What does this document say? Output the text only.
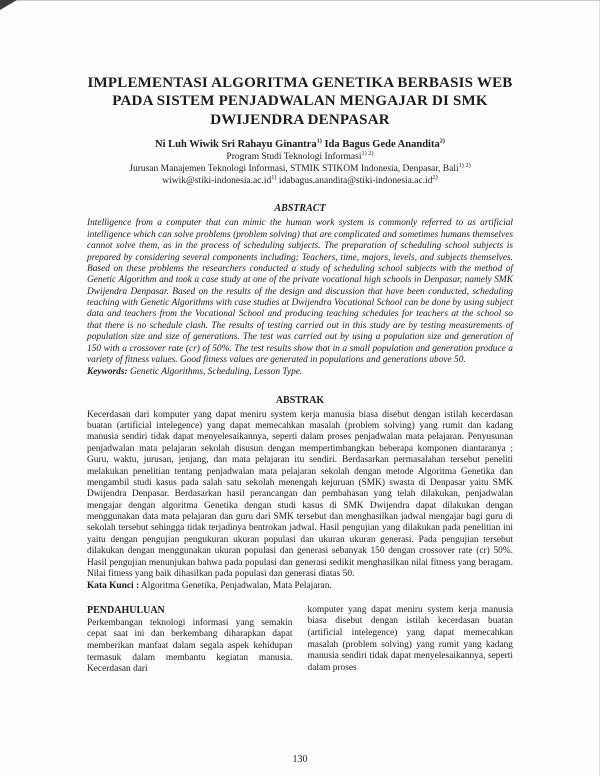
IMPLEMENTASI ALGORITMA GENETIKA BERBASIS WEB PADA SISTEM PENJADWALAN MENGAJAR DI SMK DWIJENDRA DENPASAR
Ni Luh Wiwik Sri Rahayu Ginantra$^{1)}$ Ida Bagus Gede Anandita$^{2)}$
Program Studi Teknologi Informasi$^{1) 2)}$
Jurusan Manajemen Teknologi Informasi, STMIK STIKOM Indonesia, Denpasar, Bali$^{1) 2)}$
$wiwik@stiki-indonesia.ac.id^{1)}$ $idabagus.anandita@stiki-indonesia.ac.id^{2)}$
ABSTRACT

Intelligence from a computer that can mimic the human work system is commonly referred to as artificial intelligence which can solve problems (problem solving) that are complicated and sometimes humans themselves cannot solve them, as in the process of scheduling subjects. The preparation of scheduling school subjects is prepared by considering several components including; Teachers, time, majors, levels, and subjects themselves. Based on these problems the researchers conducted a study of scheduling school subjects with the method of Genetic Algorithm and took a case study at one of the private vocational high schools in Denpasar, namely SMK Dwijendra Denpasar. Based on the results of the design and discussion that have been conducted, scheduling teaching with Genetic Algorithms with case studies at Dwijendra Vocational School can be done by using subject data and teachers from the Vocational School and producing teaching schedules for teachers at the school so that there is no schedule clash. The results of testing carried out in this study are by testing measurements of population size and size of generations. The test was carried out by using a population size and generation of 150 with a crossover rate (cr) of 50%. The test results show that in a small population and generation produce a variety of fitness values. Good fitness values are generated in populations and generations above 50.

Keywords: Genetic Algorithms, Scheduling, Lesson Type.

ABSTRAK

Kecerdasan dari komputer yang dapat meniru system kerja manusia biasa disebut dengan istilah kecerdasan buatan (artificial intelegence) yang dapat memecahkan masalah (problem solving) yang rumit dan kadang manusia sendiri tidak dapat menyelesaikannya, seperti dalam proses penjadwalan mata pelajaran. Penyusunan penjadwalan mata pelajaran sekolah disusun dengan mempertimbangkan beberapa komponen diantaranya ; Guru, waktu, jurusan, jenjang, dan mata pelajaran itu sendiri. Berdasarkan permasalahan tersebut peneliti melakukan penelitian tentang penjadwalan mata pelajaran sekolah dengan metode Algoritma Genetika dan mengambil studi kasus pada salah satu sekolah menengah kejuruan (SMK) swasta di Denpasar yaitu SMK Dwijendra Denpasar. Berdasarkan hasil perancangan dan pembahasan yang telah dilakukan, penjadwalan mengajar dengan algoritma Genetika dengan studi kasus di SMK Dwijendra dapat dilakukan dengan menggunakan data mata pelajaran dan guru dari SMK tersebut dan menghasilkan jadwal mengajar bagi guru di sekolah tersebut sehingga tidak terjadinya bentrokan jadwal. Hasil pengujian yang dilakukan pada penelitian ini yaitu dengan pengujian pengukuran ukuran populasi dan ukuran ukuran generasi. Pada pengujian tersebut dilakukan dengan menggunakan ukuran populasi dan generasi sebanyak 150 dengan crossover rate (cr) 50%. Hasil pengujian menunjukan bahwa pada populasi dan generasi sedikit menghasilkan nilai fitness yang beragam. Nilai fitness yang baik dihasilkan pada populasi dan generasi diatas 50.

Kata Kunci : Algoritma Genetika, Penjadwalan, Mata Pelajaran.

PENDAHULUAN

Perkembangan teknologi informasi yang semakin cepat saat ini dan berkembang diharapkan dapat memberikan manfaat dalam segala aspek kehidupan termasuk dalam membantu kegiatan manusia. Kecerdasan dari

komputer yang dapat meniru system kerja manusia biasa disebut dengan istilah kecerdasan buatan (artificial intelegence) yang dapat memecahkan masalah (problem solving) yang rumit yang kadang manusia sendiri tidak dapat menyelesaikannya, seperti dalam proses

130
